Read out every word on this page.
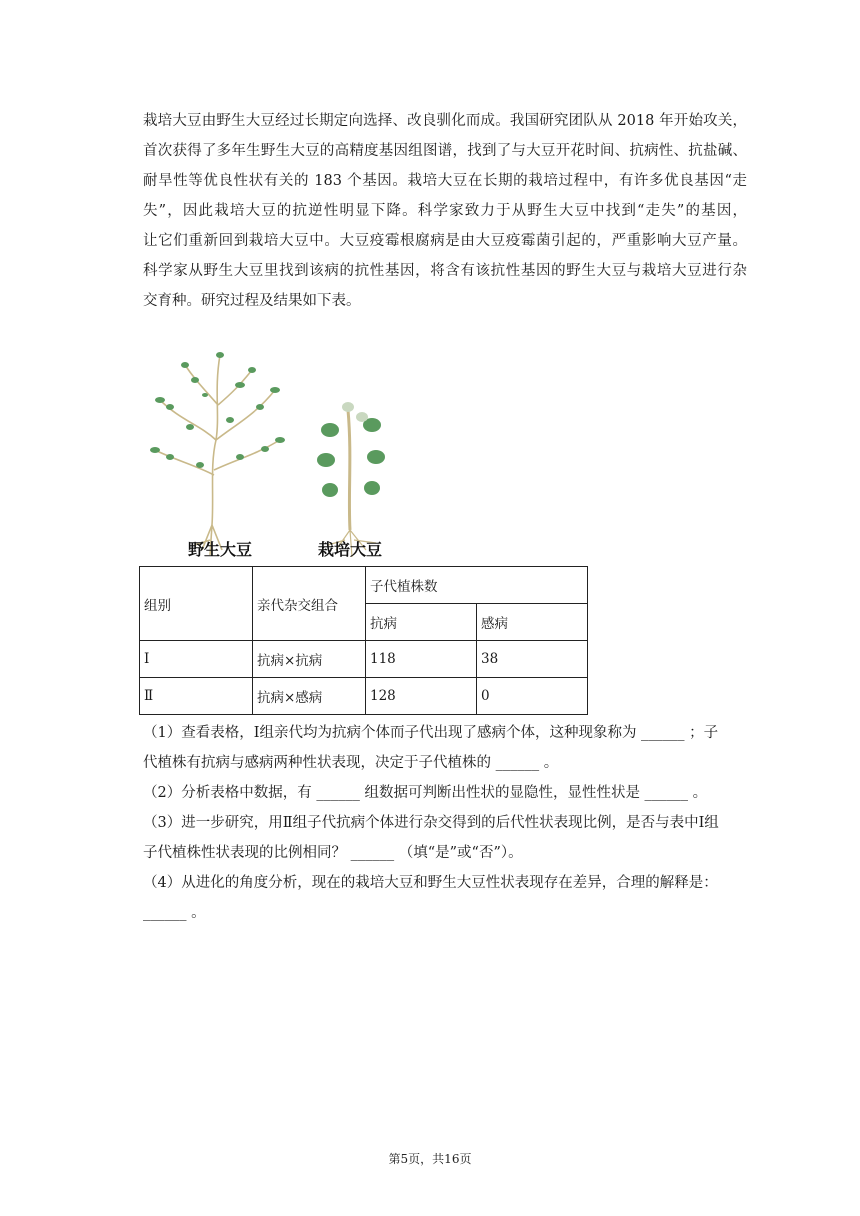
栽培大豆由野生大豆经过长期定向选择、改良驯化而成。我国研究团队从 2018 年开始攻关，
首次获得了多年生野生大豆的高精度基因组图谱，找到了与大豆开花时间、抗病性、抗盐碱、
耐旱性等优良性状有关的 183 个基因。栽培大豆在长期的栽培过程中，有许多优良基因“走
失”，因此栽培大豆的抗逆性明显下降。科学家致力于从野生大豆中找到“走失”的基因，
让它们重新回到栽培大豆中。大豆疫霉根腐病是由大豆疫霉菌引起的，严重影响大豆产量。
科学家从野生大豆里找到该病的抗性基因，将含有该抗性基因的野生大豆与栽培大豆进行杂
交育种。研究过程及结果如下表。
野生大豆	栽培大豆
组别	亲代杂交组合	子代植株数	
		抗病	感病
Ⅰ	抗病×抗病	118	38
Ⅱ	抗病×感病	128	0
（1）查看表格，Ⅰ组亲代均为抗病个体而子代出现了感病个体，这种现象称为 ______ ；子
代植株有抗病与感病两种性状表现，决定于子代植株的 ______ 。
（2）分析表格中数据，有 ______ 组数据可判断出性状的显隐性，显性性状是 ______ 。
（3）进一步研究，用Ⅱ组子代抗病个体进行杂交得到的后代性状表现比例，是否与表中Ⅰ组
子代植株性状表现的比例相同？ ______ （填“是”或“否”）。
（4）从进化的角度分析，现在的栽培大豆和野生大豆性状表现存在差异，合理的解释是：
______ 。
第5页，共16页
